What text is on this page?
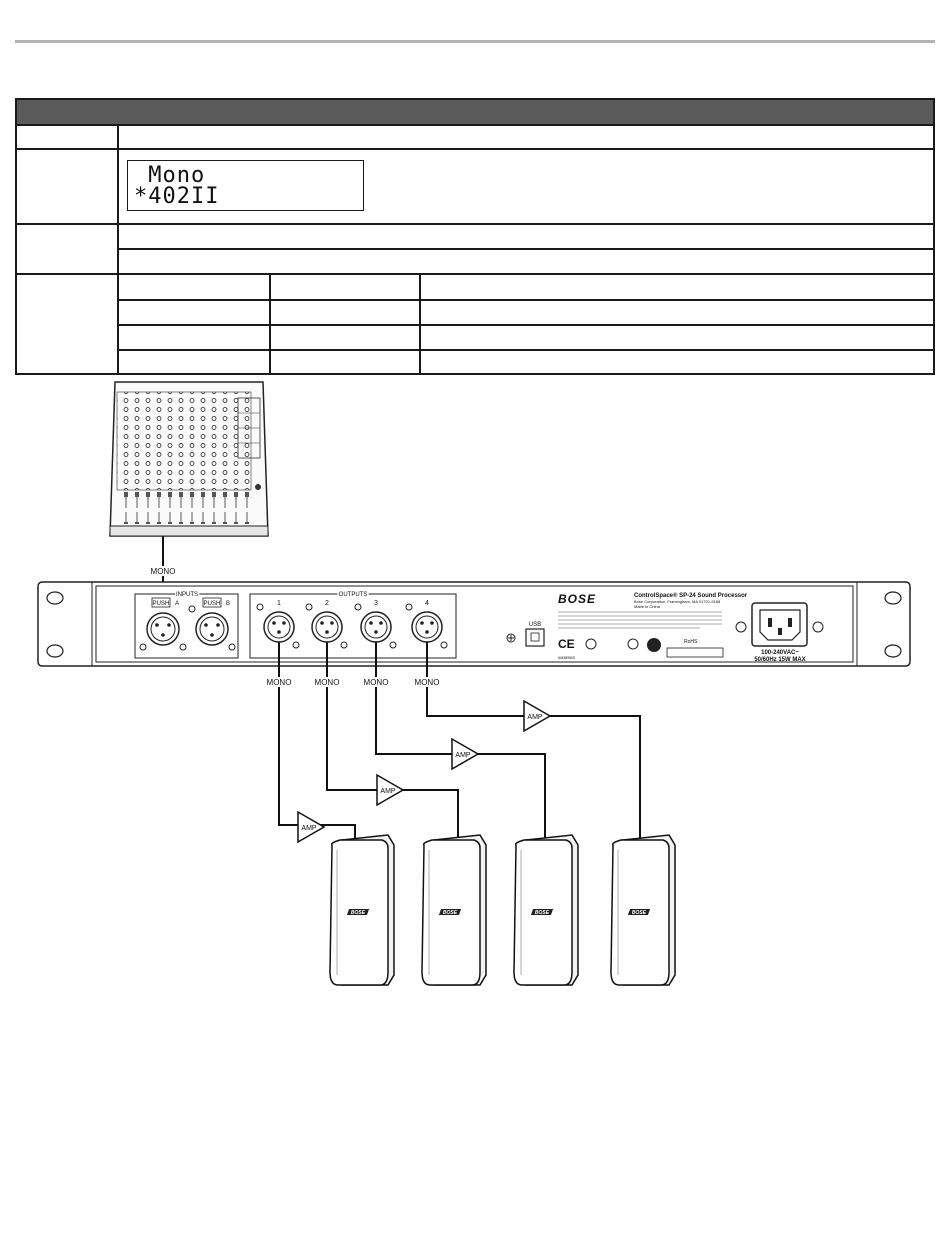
Mono
*402II
MONO
INPUTS
PUSH A	PUSH B
OUTPUTS
1	2	3	4
USB
BOSE	ControlSpace® SP-24 Sound Processor
Bose Corporation, Framingham, MA 01701-9168
Made in China
CE	RoHS
AM389505
100-240VAC~
50/60Hz 15W MAX
MONO	MONO	MONO	MONO
AMP
AMP
AMP
AMP
BOSE	BOSE	BOSE	BOSE
